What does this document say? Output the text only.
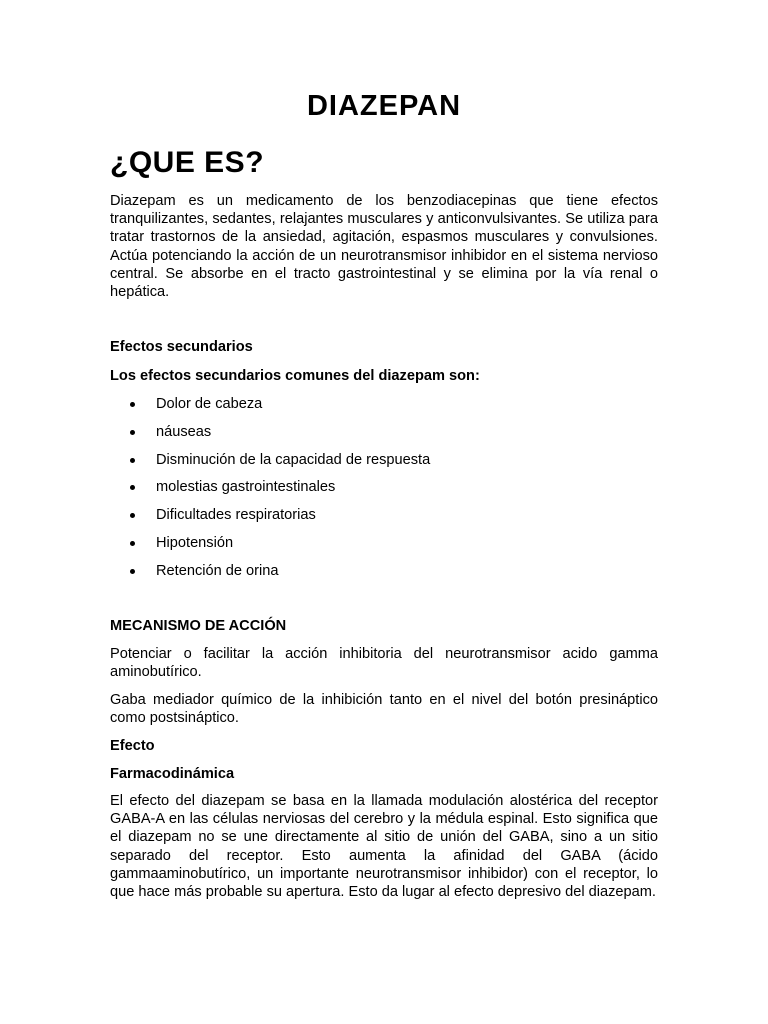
DIAZEPAN
¿QUE ES?

Diazepam es un medicamento de los benzodiacepinas que tiene efectos tranquilizantes, sedantes, relajantes musculares y anticonvulsivantes. Se utiliza para tratar trastornos de la ansiedad, agitación, espasmos musculares y convulsiones. Actúa potenciando la acción de un neurotransmisor inhibidor en el sistema nervioso central. Se absorbe en el tracto gastrointestinal y se elimina por la vía renal o hepática.

Efectos secundarios

Los efectos secundarios comunes del diazepam son:

Dolor de cabeza
náuseas
Disminución de la capacidad de respuesta
molestias gastrointestinales
Dificultades respiratorias
Hipotensión
Retención de orina

MECANISMO DE ACCIÓN

Potenciar o facilitar la acción inhibitoria del neurotransmisor acido gamma aminobutírico.

Gaba mediador químico de la inhibición tanto en el nivel del botón presináptico como postsináptico.

Efecto

Farmacodinámica

El efecto del diazepam se basa en la llamada modulación alostérica del receptor GABA-A en las células nerviosas del cerebro y la médula espinal. Esto significa que el diazepam no se une directamente al sitio de unión del GABA, sino a un sitio separado del receptor. Esto aumenta la afinidad del GABA (ácido gammaaminobutírico, un importante neurotransmisor inhibidor) con el receptor, lo que hace más probable su apertura. Esto da lugar al efecto depresivo del diazepam.
